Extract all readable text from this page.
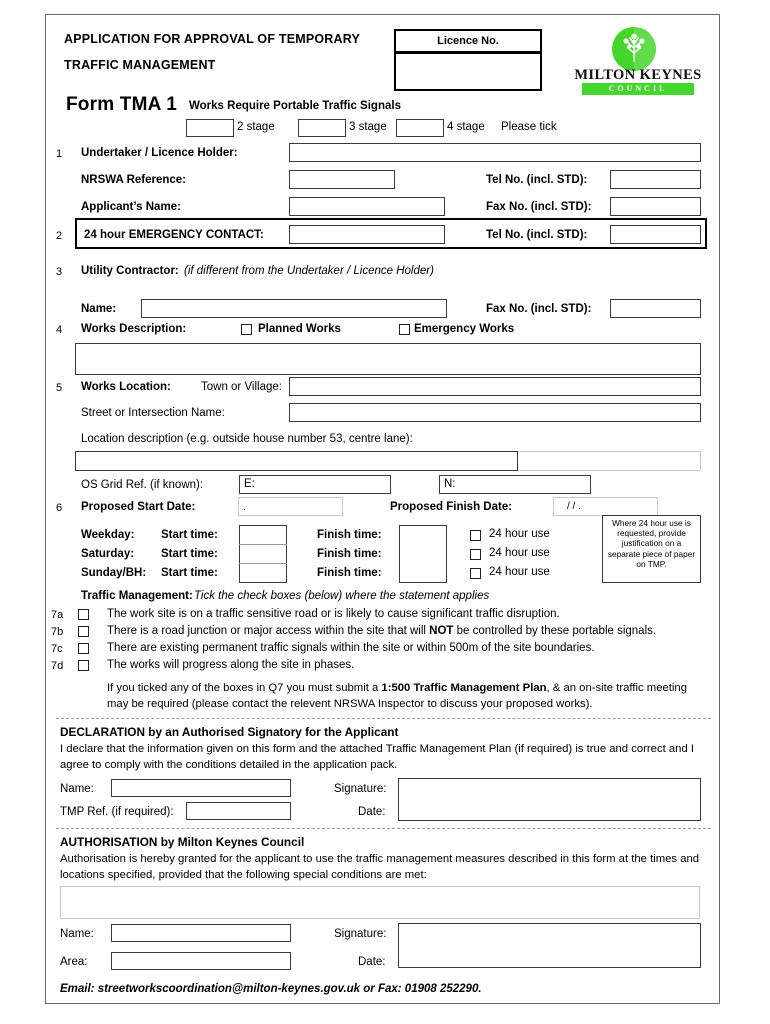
APPLICATION FOR APPROVAL OF TEMPORARY
TRAFFIC MANAGEMENT
Licence No.
MILTON KEYNES
COUNCIL
Form TMA 1 Works Require Portable Traffic Signals
2 stage	3 stage	4 stage Please tick
1 Undertaker / Licence Holder:
NRSWA Reference:	Tel No. (incl. STD):
Applicant’s Name:	Fax No. (incl. STD):
2 24 hour EMERGENCY CONTACT:	Tel No. (incl. STD):
3 Utility Contractor: (if different from the Undertaker / Licence Holder)
Name:	Fax No. (incl. STD):
4 Works Description:	Planned Works	Emergency Works
5 Works Location:	Town or Village:
Street or Intersection Name:
Location description (e.g. outside house number 53, centre lane):
OS Grid Ref. (if known):	E:	N:
6 Proposed Start Date:	.	Proposed Finish Date:	/ / .
Weekday: Start time:	Finish time:	24 hour use
Saturday: Start time:	Finish time:	24 hour use
Sunday/BH: Start time:	Finish time:	24 hour use
Where 24 hour use is requested, provide justification on a separate piece of paper on TMP.
Traffic Management: Tick the check boxes (below) where the statement applies
7a	The work site is on a traffic sensitive road or is likely to cause significant traffic disruption.
7b	There is a road junction or major access within the site that will NOT be controlled by these portable signals.
7c	There are existing permanent traffic signals within the site or within 500m of the site boundaries.
7d	The works will progress along the site in phases.
If you ticked any of the boxes in Q7 you must submit a 1:500 Traffic Management Plan, & an on-site traffic meeting may be required (please contact the relevent NRSWA Inspector to discuss your proposed works).
DECLARATION by an Authorised Signatory for the Applicant
I declare that the information given on this form and the attached Traffic Management Plan (if required) is true and correct and I agree to comply with the conditions detailed in the application pack.
Name:	Signature:
TMP Ref. (if required):	Date:
AUTHORISATION by Milton Keynes Council
Authorisation is hereby granted for the applicant to use the traffic management measures described in this form at the times and locations specified, provided that the following special conditions are met:
Name:	Signature:
Area:	Date:
Email: streetworkscoordination@milton-keynes.gov.uk or Fax: 01908 252290.
